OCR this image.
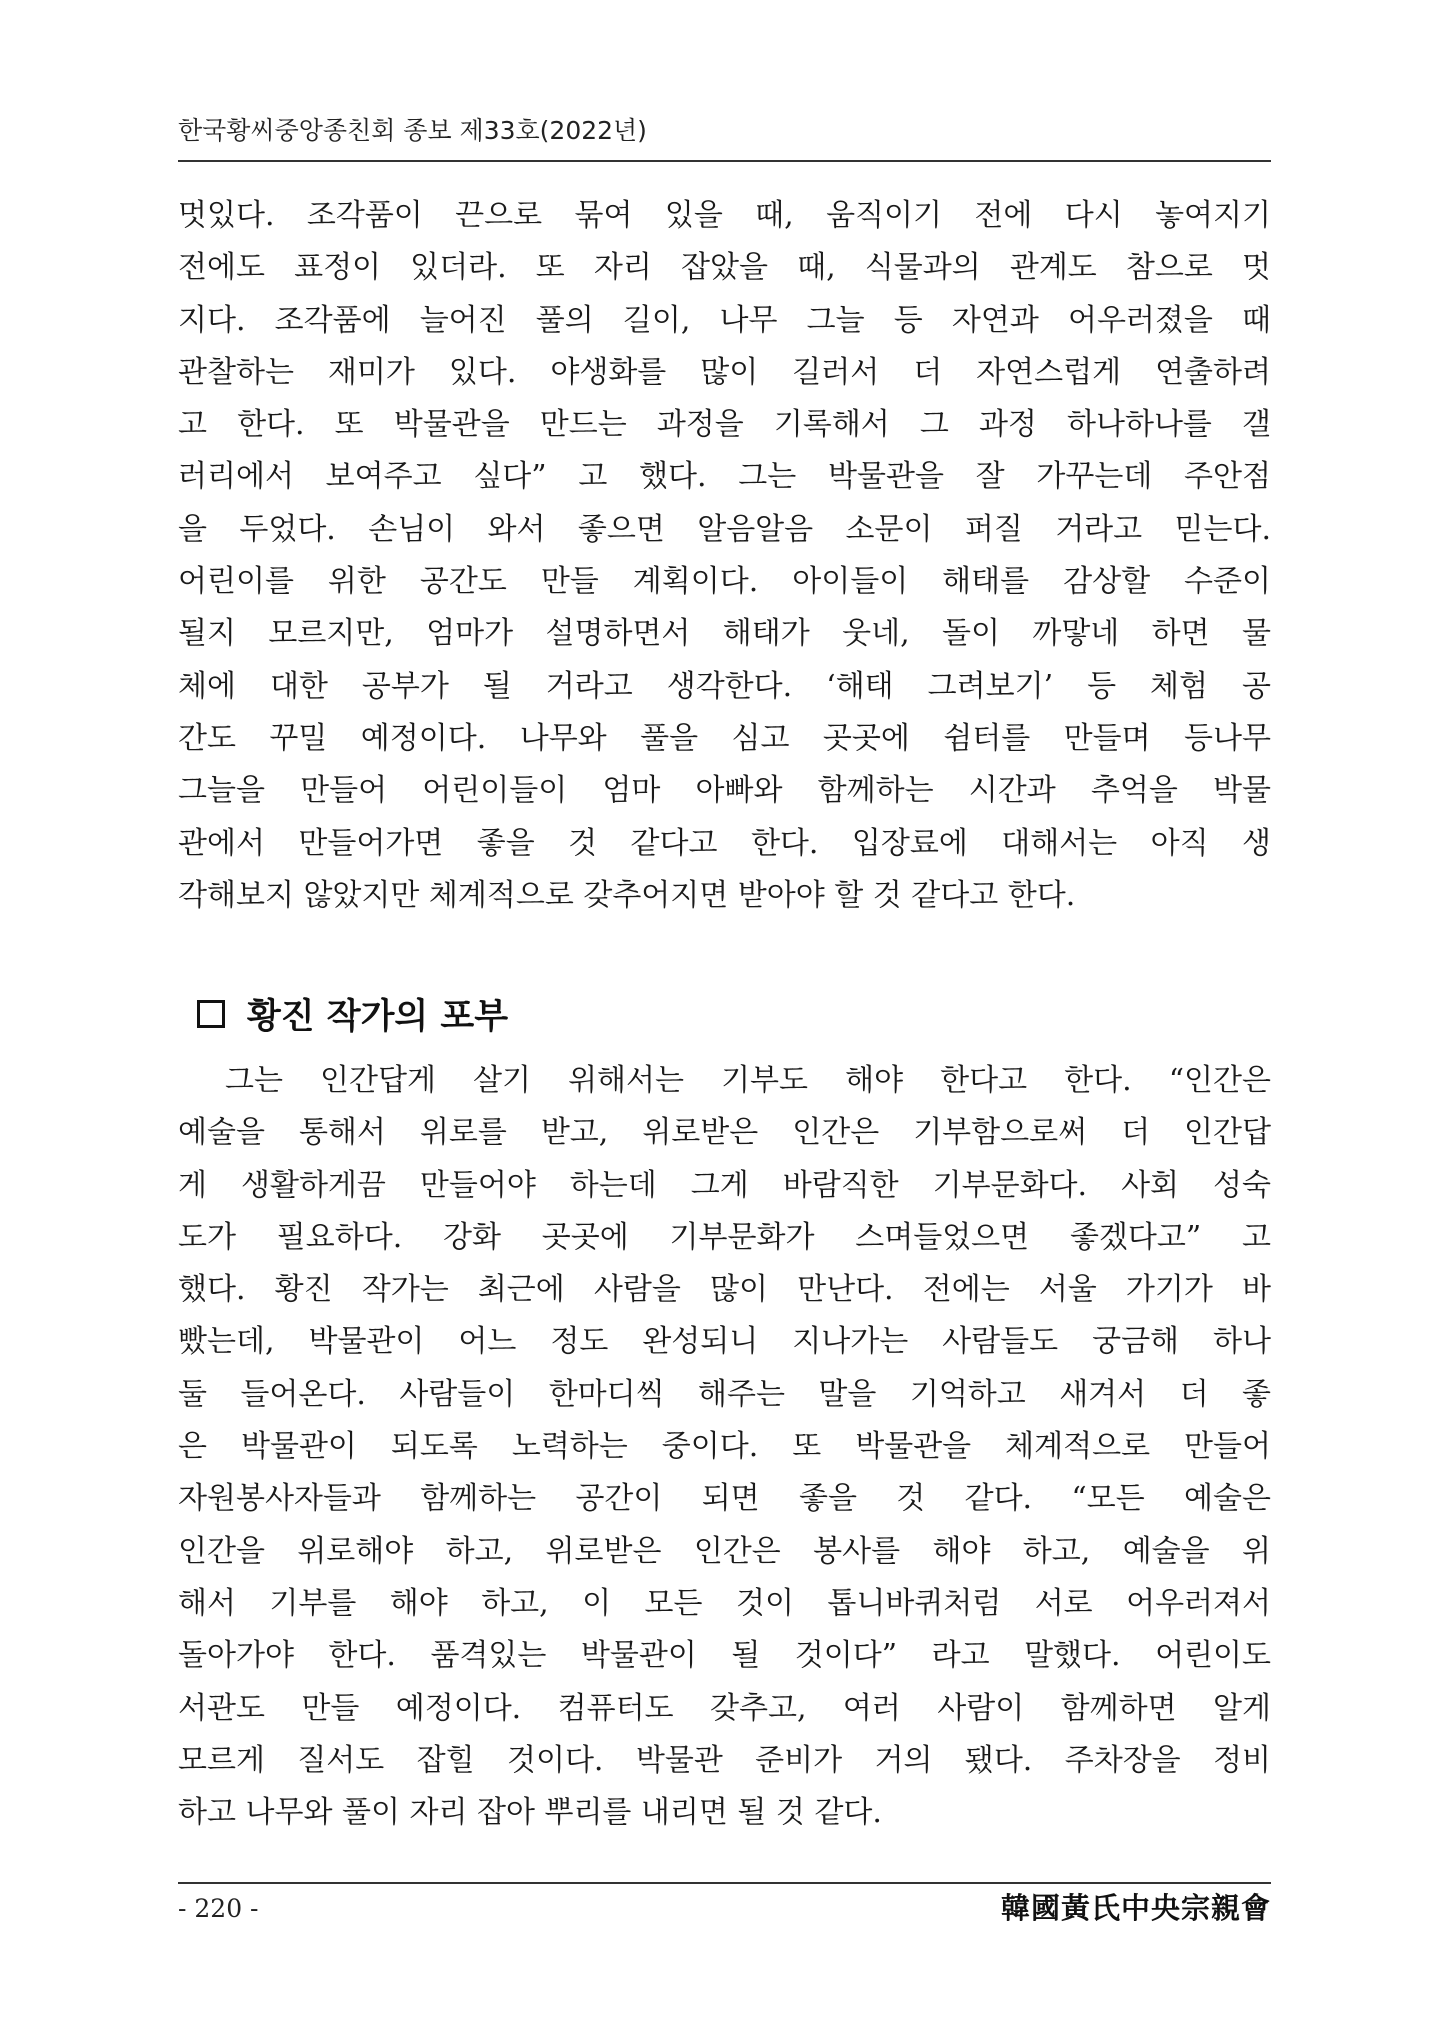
한국황씨중앙종친회 종보 제33호(2022년)
멋있다. 조각품이 끈으로 묶여 있을 때, 움직이기 전에 다시 놓여지기
전에도 표정이 있더라. 또 자리 잡았을 때, 식물과의 관계도 참으로 멋
지다. 조각품에 늘어진 풀의 길이, 나무 그늘 등 자연과 어우러졌을 때
관찰하는 재미가 있다. 야생화를 많이 길러서 더 자연스럽게 연출하려
고 한다. 또 박물관을 만드는 과정을 기록해서 그 과정 하나하나를 갤
러리에서 보여주고 싶다” 고 했다. 그는 박물관을 잘 가꾸는데 주안점
을 두었다. 손님이 와서 좋으면 알음알음 소문이 퍼질 거라고 믿는다.
어린이를 위한 공간도 만들 계획이다. 아이들이 해태를 감상할 수준이
될지 모르지만, 엄마가 설명하면서 해태가 웃네, 돌이 까맣네 하면 물
체에 대한 공부가 될 거라고 생각한다. ‘해태 그려보기’ 등 체험 공
간도 꾸밀 예정이다. 나무와 풀을 심고 곳곳에 쉼터를 만들며 등나무
그늘을 만들어 어린이들이 엄마 아빠와 함께하는 시간과 추억을 박물
관에서 만들어가면 좋을 것 같다고 한다. 입장료에 대해서는 아직 생
각해보지 않았지만 체계적으로 갖추어지면 받아야 할 것 같다고 한다.
황진 작가의 포부
그는 인간답게 살기 위해서는 기부도 해야 한다고 한다. “인간은
예술을 통해서 위로를 받고, 위로받은 인간은 기부함으로써 더 인간답
게 생활하게끔 만들어야 하는데 그게 바람직한 기부문화다. 사회 성숙
도가 필요하다. 강화 곳곳에 기부문화가 스며들었으면 좋겠다고” 고
했다. 황진 작가는 최근에 사람을 많이 만난다. 전에는 서울 가기가 바
빴는데, 박물관이 어느 정도 완성되니 지나가는 사람들도 궁금해 하나
둘 들어온다. 사람들이 한마디씩 해주는 말을 기억하고 새겨서 더 좋
은 박물관이 되도록 노력하는 중이다. 또 박물관을 체계적으로 만들어
자원봉사자들과 함께하는 공간이 되면 좋을 것 같다. “모든 예술은
인간을 위로해야 하고, 위로받은 인간은 봉사를 해야 하고, 예술을 위
해서 기부를 해야 하고, 이 모든 것이 톱니바퀴처럼 서로 어우러져서
돌아가야 한다. 품격있는 박물관이 될 것이다” 라고 말했다. 어린이도
서관도 만들 예정이다. 컴퓨터도 갖추고, 여러 사람이 함께하면 알게
모르게 질서도 잡힐 것이다. 박물관 준비가 거의 됐다. 주차장을 정비
하고 나무와 풀이 자리 잡아 뿌리를 내리면 될 것 같다.
- 220 -	韓國黃氏中央宗親會
